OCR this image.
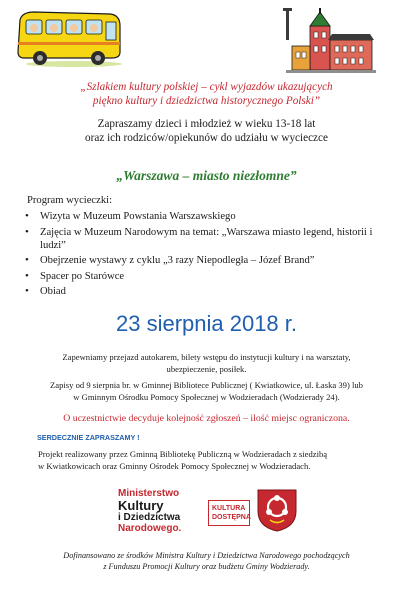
„Szlakiem kultury polskiej – cykl wyjazdów ukazujących
piękno kultury i dziedzictwa historycznego Polski”
Zapraszamy dzieci i młodzież w wieku 13-18 lat
oraz ich rodziców/opiekunów do udziału w wycieczce
„Warszawa – miasto niezłomne”
Program wycieczki:
• Wizyta w Muzeum Powstania Warszawskiego
• Zajęcia w Muzeum Narodowym na temat: „Warszawa miasto legend, historii i ludzi”
• Obejrzenie wystawy z cyklu „3 razy Niepodległa – Józef Brand”
• Spacer po Starówce
• Obiad
23 sierpnia 2018 r.
Zapewniamy przejazd autokarem, bilety wstępu do instytucji kultury i na warsztaty,
ubezpieczenie, posiłek.
Zapisy od 9 sierpnia br. w Gminnej Bibliotece Publicznej ( Kwiatkowice, ul. Łaska 39) lub
w Gminnym Ośrodku Pomocy Społecznej w Wodzieradach (Wodzierady 24).
O uczestnictwie decyduje kolejność zgłoszeń – ilość miejsc ograniczona.
SERDECZNIE ZAPRASZAMY !
Projekt realizowany przez Gminną Bibliotekę Publiczną w Wodzieradach z siedzibą
w Kwiatkowicach oraz Gminny Ośrodek Pomocy Społecznej w Wodzieradach.
Ministerstwo
Kultury
i Dziedzictwa
Narodowego.
KULTURA
DOSTĘPNA
Dofinansowano ze środków Ministra Kultury i Dziedzictwa Narodowego pochodzących
z Funduszu Promocji Kultury oraz budżetu Gminy Wodzierady.
